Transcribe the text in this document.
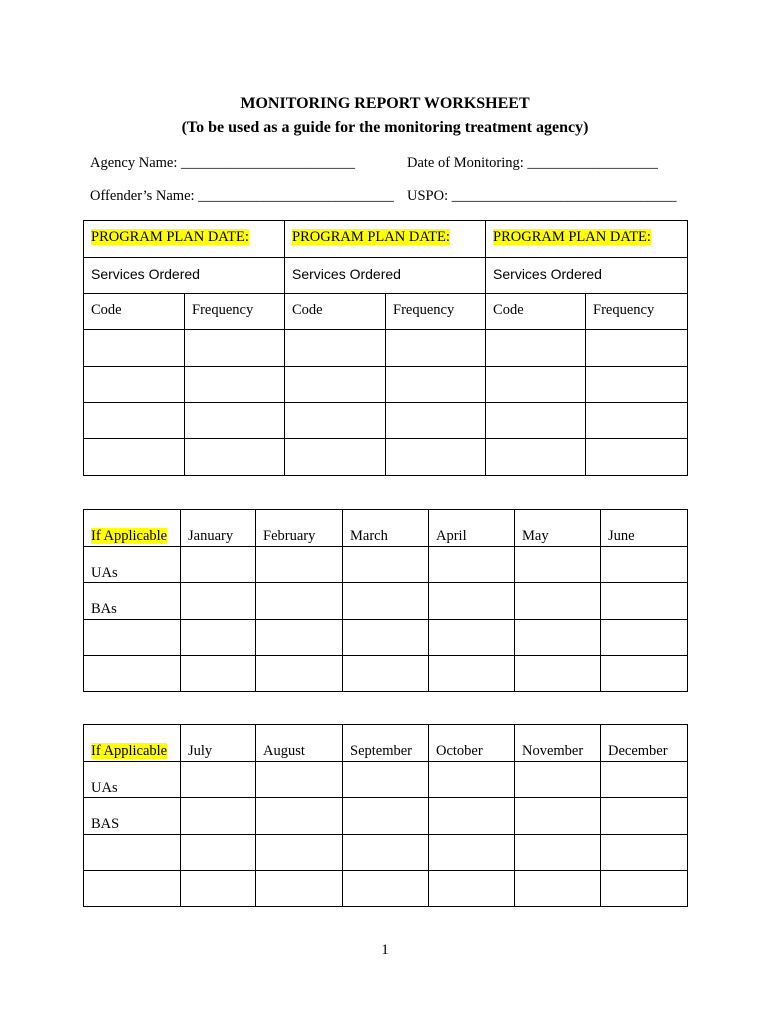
MONITORING REPORT WORKSHEET
(To be used as a guide for the monitoring treatment agency)
Agency Name: ________________________	Date of Monitoring: __________________
Offender’s Name: ___________________________ USPO: _______________________________
PROGRAM PLAN DATE:		PROGRAM PLAN DATE:		PROGRAM PLAN DATE:	

Services Ordered		Services Ordered		Services Ordered	

Code	Frequency	Code	Frequency	Code	Frequency

If Applicable	January	February	March	April	May	June

UAs						

BAs						

If Applicable	July	August	September	October	November	December

UAs						

BAS						

1
